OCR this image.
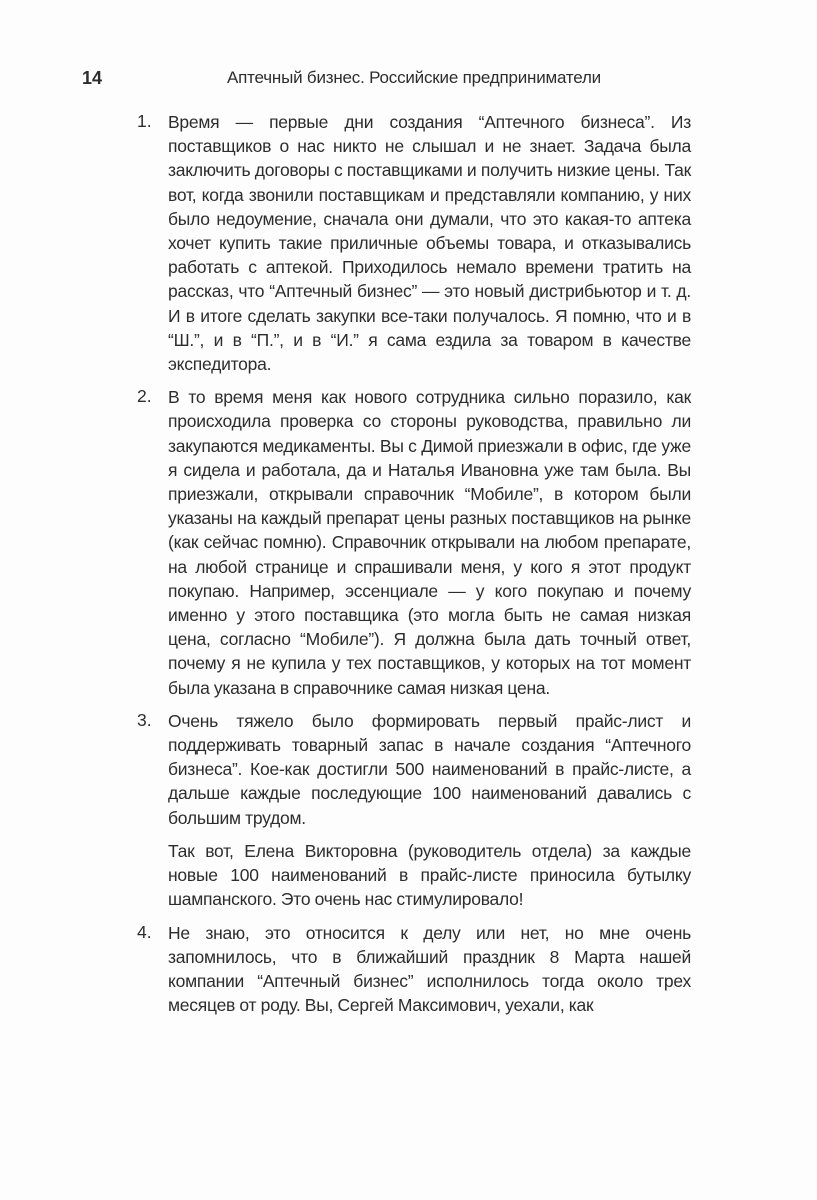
14	Аптечный бизнес. Российские предприниматели
1. Время — первые дни создания “Аптечного бизнеса”. Из поставщиков о нас никто не слышал и не знает. Задача была заключить договоры с поставщиками и получить низкие цены. Так вот, когда звонили поставщикам и представляли компанию, у них было недоумение, сначала они думали, что это какая-то аптека хочет купить такие приличные объемы товара, и отказывались работать с аптекой. Приходилось немало времени тратить на рассказ, что “Аптечный бизнес” — это новый дистрибьютор и т. д. И в итоге сделать закупки все-таки получалось. Я помню, что и в “Ш.”, и в “П.”, и в “И.” я сама ездила за товаром в качестве экспедитора.

2. В то время меня как нового сотрудника сильно поразило, как происходила проверка со стороны руководства, правильно ли закупаются медикаменты. Вы с Димой приезжали в офис, где уже я сидела и работала, да и Наталья Ивановна уже там была. Вы приезжали, открывали справочник “Мобиле”, в котором были указаны на каждый препарат цены разных поставщиков на рынке (как сейчас помню). Справочник открывали на любом препарате, на любой странице и спрашивали меня, у кого я этот продукт покупаю. Например, эссенциале — у кого покупаю и почему именно у этого поставщика (это могла быть не самая низкая цена, согласно “Мобиле”). Я должна была дать точный ответ, почему я не купила у тех поставщиков, у которых на тот момент была указана в справочнике самая низкая цена.

3. Очень тяжело было формировать первый прайс-лист и поддерживать товарный запас в начале создания “Аптечного бизнеса”. Кое-как достигли 500 наименований в прайс-листе, а дальше каждые последующие 100 наименований давались с большим трудом.

Так вот, Елена Викторовна (руководитель отдела) за каждые новые 100 наименований в прайс-листе приносила бутылку шампанского. Это очень нас стимулировало!

4. Не знаю, это относится к делу или нет, но мне очень запомнилось, что в ближайший праздник 8 Марта нашей компании “Аптечный бизнес” исполнилось тогда около трех месяцев от роду. Вы, Сергей Максимович, уехали, как
